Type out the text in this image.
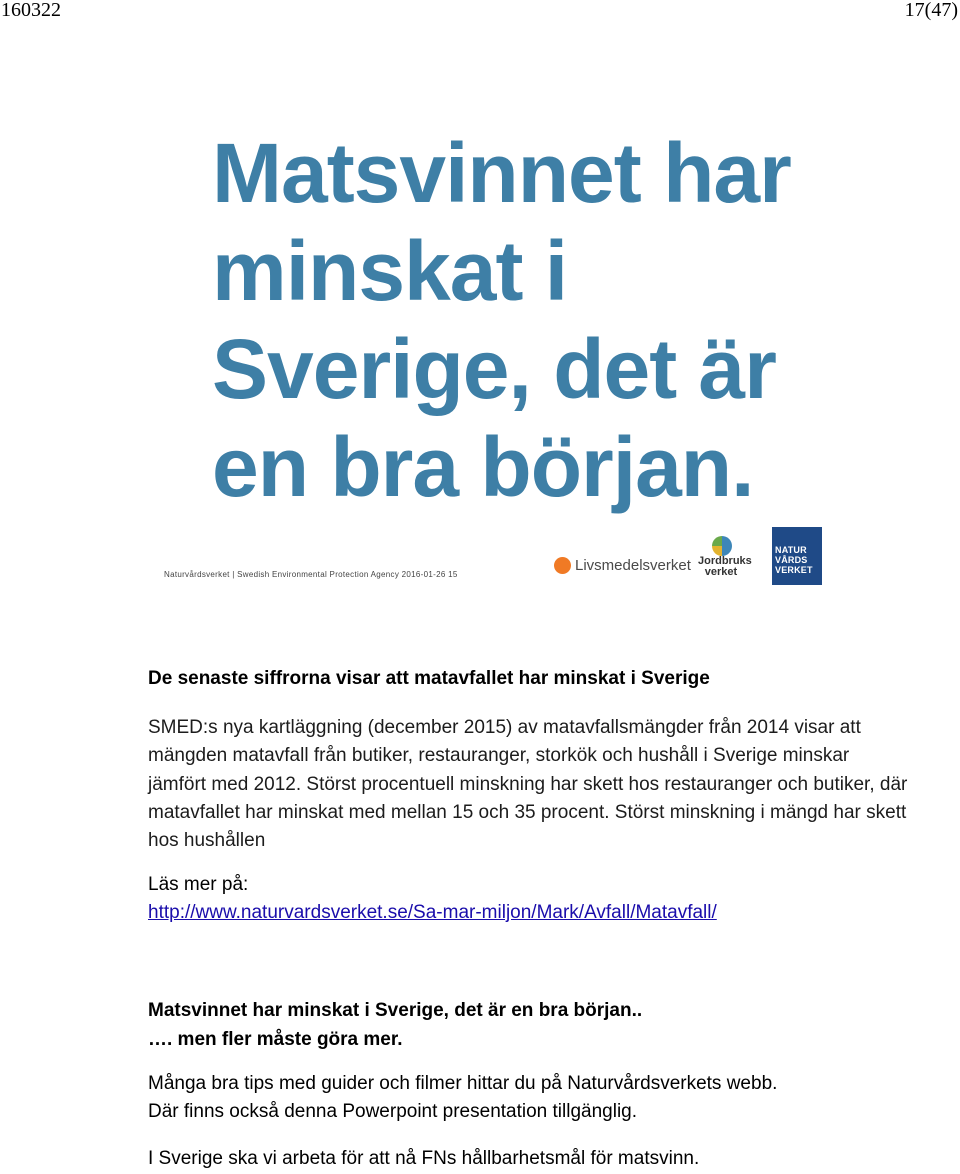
160322	17(47)
Matsvinnet har
minskat i
Sverige, det är
en bra början.
Naturvårdsverket | Swedish Environmental Protection Agency 2016-01-26 15
Livsmedelsverket Jordbruks verket
NATUR VÅRDS VERKET
De senaste siffrorna visar att matavfallet har minskat i Sverige
SMED:s nya kartläggning (december 2015) av matavfallsmängder från 2014 visar att mängden matavfall från butiker, restauranger, storkök och hushåll i Sverige minskar jämfört med 2012. Störst procentuell minskning har skett hos restauranger och butiker, där matavfallet har minskat med mellan 15 och 35 procent. Störst minskning i mängd har skett hos hushållen
Läs mer på:
http://www.naturvardsverket.se/Sa-mar-miljon/Mark/Avfall/Matavfall/
Matsvinnet har minskat i Sverige, det är en bra början..
…. men fler måste göra mer.
Många bra tips med guider och filmer hittar du på Naturvårdsverkets webb.
Där finns också denna Powerpoint presentation tillgänglig.
I Sverige ska vi arbeta för att nå FNs hållbarhetsmål för matsvinn.
